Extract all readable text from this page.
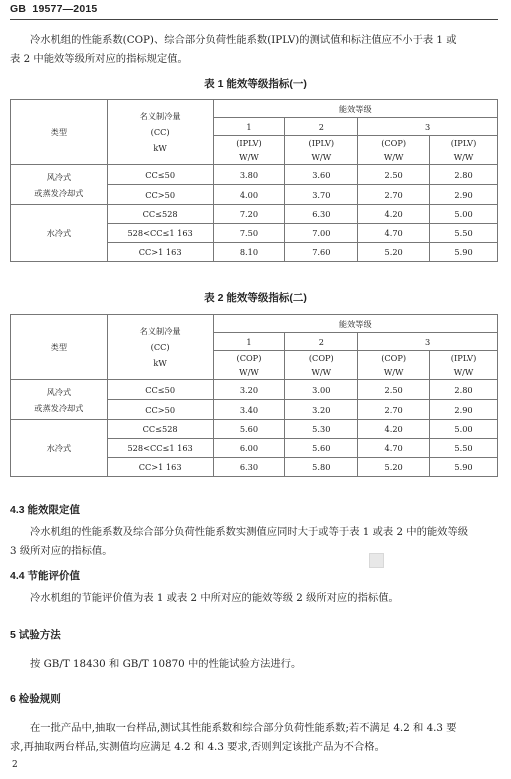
GB 19577—2015
冷水机组的性能系数(COP)、综合部分负荷性能系数(IPLV)的测试值和标注值应不小于表 1 或
表 2 中能效等级所对应的指标规定值。
表 1 能效等级指标(一)
类型	名义制冷量
(CC)
kW	能效等级			
		1	2	3	
		(IPLV)	(IPLV)	(COP)	(IPLV)
		W/W	W/W	W/W	W/W

风冷式
或蒸发冷却式	CC≤50	3.80	3.60	2.50	2.80
	CC>50	4.00	3.70	2.70	2.90

水冷式	CC≤528	7.20	6.30	4.20	5.00
	528<CC≤1 163	7.50	7.00	4.70	5.50
	CC>1 163	8.10	7.60	5.20	5.90
表 2 能效等级指标(二)
类型	名义制冷量
(CC)
kW	能效等级			
		1	2	3	
		(COP)	(COP)	(COP)	(IPLV)
		W/W	W/W	W/W	W/W

风冷式
或蒸发冷却式	CC≤50	3.20	3.00	2.50	2.80
	CC>50	3.40	3.20	2.70	2.90

水冷式	CC≤528	5.60	5.30	4.20	5.00
	528<CC≤1 163	6.00	5.60	4.70	5.50
	CC>1 163	6.30	5.80	5.20	5.90
4.3 能效限定值
冷水机组的性能系数及综合部分负荷性能系数实测值应同时大于或等于表 1 或表 2 中的能效等级
3 级所对应的指标值。
4.4 节能评价值
冷水机组的节能评价值为表 1 或表 2 中所对应的能效等级 2 级所对应的指标值。
5 试验方法
按 GB/T 18430 和 GB/T 10870 中的性能试验方法进行。
6 检验规则
在一批产品中,抽取一台样品,测试其性能系数和综合部分负荷性能系数;若不满足 4.2 和 4.3 要
求,再抽取两台样品,实测值均应满足 4.2 和 4.3 要求,否则判定该批产品为不合格。
2
